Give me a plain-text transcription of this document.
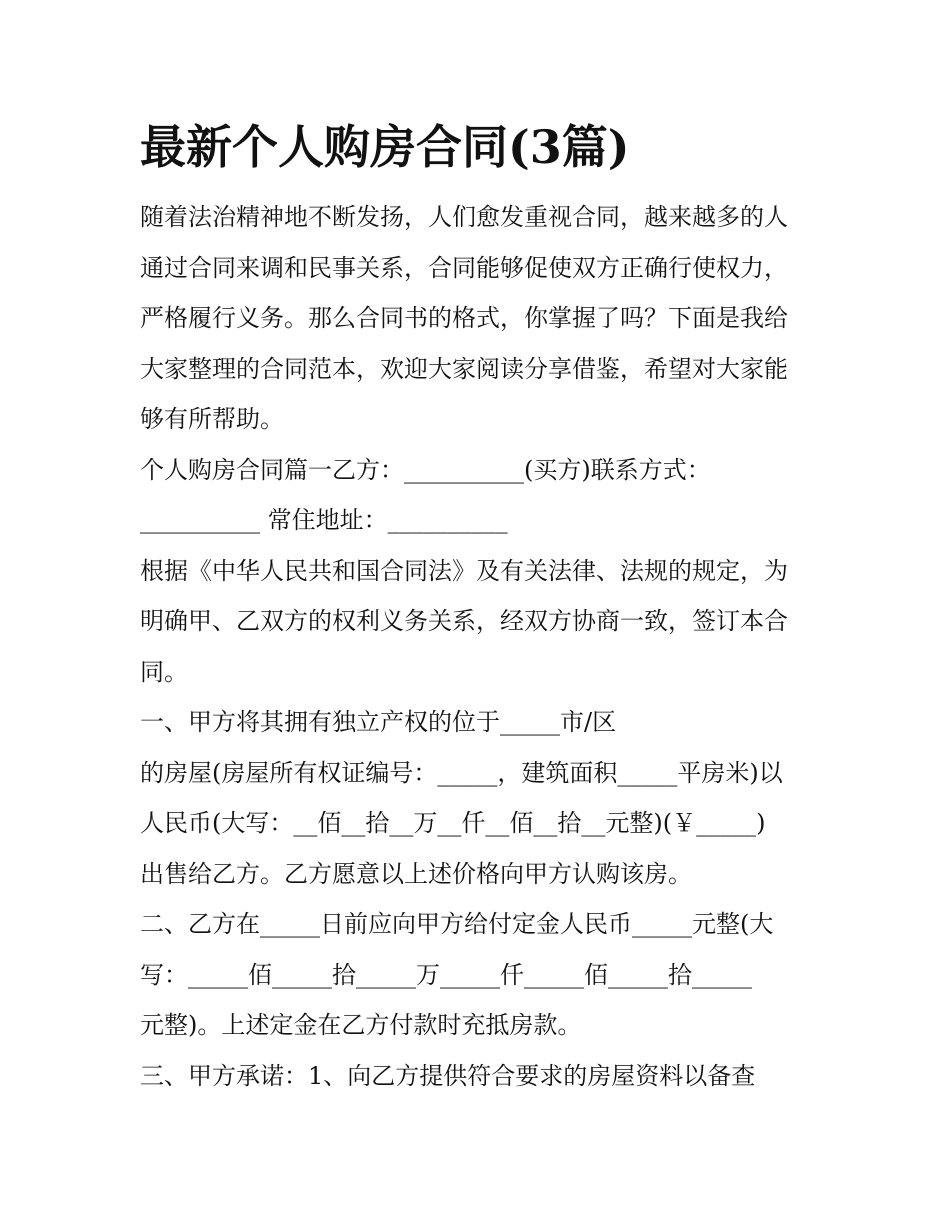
最新个人购房合同(3篇)

随着法治精神地不断发扬，人们愈发重视合同，越来越多的人

通过合同来调和民事关系，合同能够促使双方正确行使权力，

严格履行义务。那么合同书的格式，你掌握了吗？下面是我给

大家整理的合同范本，欢迎大家阅读分享借鉴，希望对大家能

够有所帮助。

个人购房合同篇一乙方：__________(买方)联系方式：

__________ 常住地址：__________

根据《中华人民共和国合同法》及有关法律、法规的规定，为

明确甲、乙双方的权利义务关系，经双方协商一致，签订本合

同。

一、甲方将其拥有独立产权的位于_____市/区

的房屋(房屋所有权证编号：_____，建筑面积_____平房米)以

人民币(大写：__佰__拾__万__仟__佰__拾__元整)(￥_____)

出售给乙方。乙方愿意以上述价格向甲方认购该房。

二、乙方在_____日前应向甲方给付定金人民币_____元整(大

写：_____佰_____拾_____万_____仟_____佰_____拾_____

元整)。上述定金在乙方付款时充抵房款。

三、甲方承诺：1、向乙方提供符合要求的房屋资料以备查
